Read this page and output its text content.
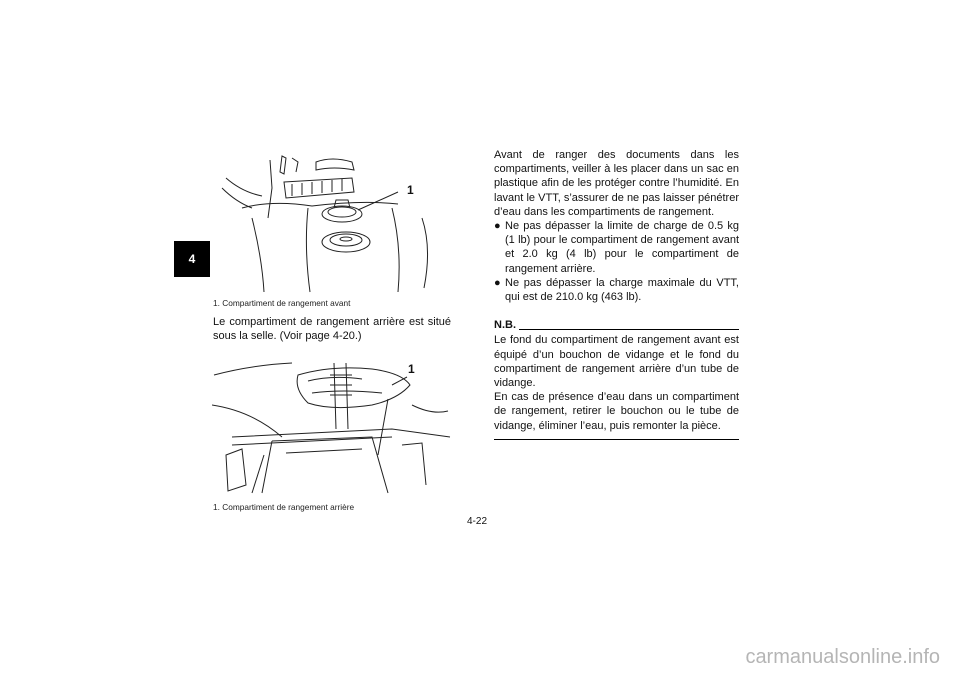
4
1
1. Compartiment de rangement avant
Le compartiment de rangement arrière est situé sous la selle. (Voir page 4-20.)
1
1. Compartiment de rangement arrière

Avant de ranger des documents dans les compartiments, veiller à les placer dans un sac en plastique afin de les protéger contre l’humidité. En lavant le VTT, s’assurer de ne pas laisser pénétrer d’eau dans les compartiments de rangement.

● Ne pas dépasser la limite de charge de 0.5 kg (1 lb) pour le compartiment de rangement avant et 2.0 kg (4 lb) pour le compartiment de rangement arrière.
● Ne pas dépasser la charge maximale du VTT, qui est de 210.0 kg (463 lb).
N.B.

Le fond du compartiment de rangement avant est équipé d’un bouchon de vidange et le fond du compartiment de rangement arrière d’un tube de vidange.

En cas de présence d’eau dans un compartiment de rangement, retirer le bouchon ou le tube de vidange, éliminer l’eau, puis remonter la pièce.

4-22
carmanualsonline.info
